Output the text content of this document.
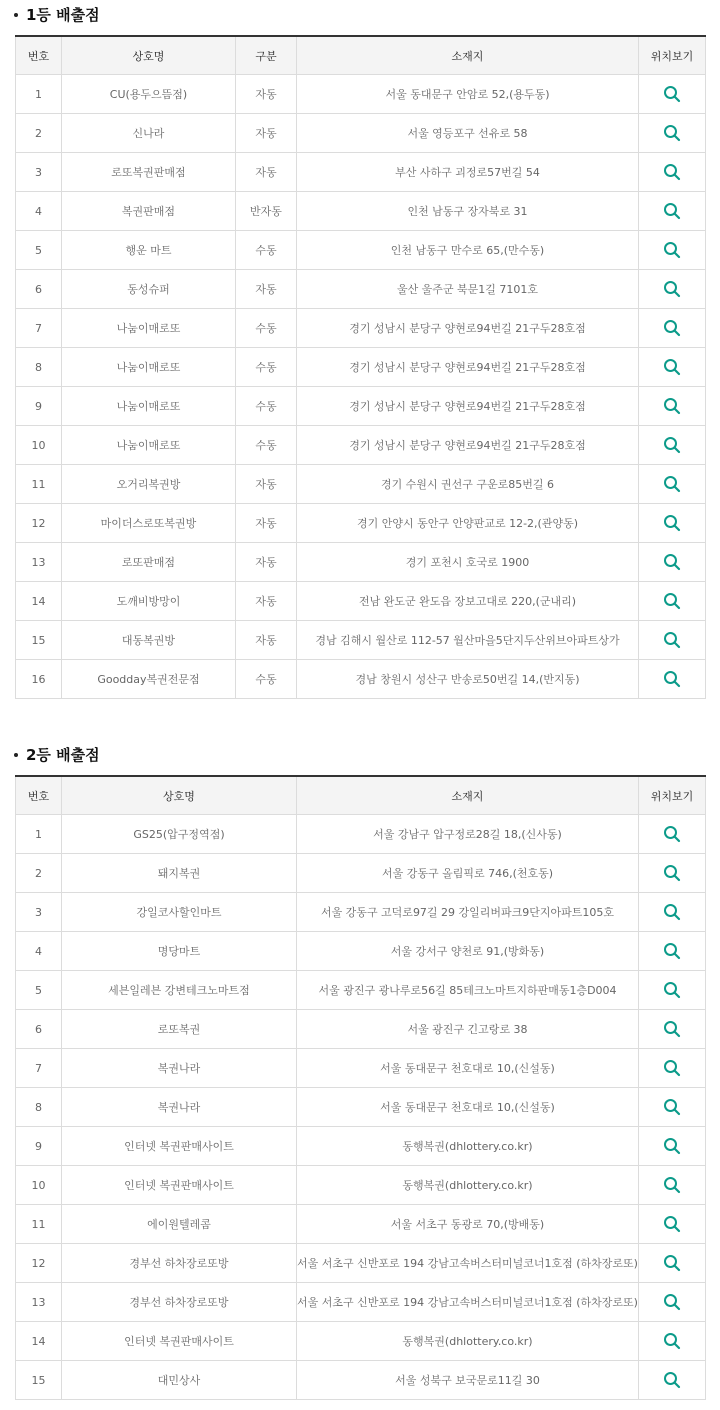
1등 배출점
번호	상호명	구분	소재지	위치보기
1	CU(용두으뜸점)	자동	서울 동대문구 안암로 52,(용두동)	

2	신나라	자동	서울 영등포구 선유로 58	

3	로또복권판매점	자동	부산 사하구 괴정로57번길 54	

4	복권판매점	반자동	인천 남동구 장자북로 31	

5	행운 마트	수동	인천 남동구 만수로 65,(만수동)	

6	동성슈퍼	자동	울산 울주군 북문1길 7101호	

7	나눔이매로또	수동	경기 성남시 분당구 양현로94번길 21구두28호점	

8	나눔이매로또	수동	경기 성남시 분당구 양현로94번길 21구두28호점	

9	나눔이매로또	수동	경기 성남시 분당구 양현로94번길 21구두28호점	

10	나눔이매로또	수동	경기 성남시 분당구 양현로94번길 21구두28호점	

11	오거리복권방	자동	경기 수원시 권선구 구운로85번길 6	

12	마이더스로또복권방	자동	경기 안양시 동안구 안양판교로 12-2,(관양동)	

13	로또판매점	자동	경기 포천시 호국로 1900	

14	도깨비방망이	자동	전남 완도군 완도읍 장보고대로 220,(군내리)	

15	대동복권방	자동	경남 김해시 월산로 112-57 월산마을5단지두산위브아파트상가	

16	Goodday복권전문점	수동	경남 창원시 성산구 반송로50번길 14,(반지동)	
2등 배출점
번호	상호명	소재지	위치보기
1	GS25(압구정역점)	서울 강남구 압구정로28길 18,(신사동)	

2	돼지복권	서울 강동구 올림픽로 746,(천호동)	

3	강일코사할인마트	서울 강동구 고덕로97길 29 강일리버파크9단지아파트105호	

4	명당마트	서울 강서구 양천로 91,(방화동)	

5	세븐일레븐 강변테크노마트점	서울 광진구 광나루로56길 85테크노마트지하판매동1층D004	

6	로또복권	서울 광진구 긴고랑로 38	

7	복권나라	서울 동대문구 천호대로 10,(신설동)	

8	복권나라	서울 동대문구 천호대로 10,(신설동)	

9	인터넷 복권판매사이트	동행복권(dhlottery.co.kr)	

10	인터넷 복권판매사이트	동행복권(dhlottery.co.kr)	

11	에이원텔레콤	서울 서초구 동광로 70,(방배동)	

12	경부선 하차장로또방	서울 서초구 신반포로 194 강남고속버스터미널코너1호점 (하차장로또)	

13	경부선 하차장로또방	서울 서초구 신반포로 194 강남고속버스터미널코너1호점 (하차장로또)	

14	인터넷 복권판매사이트	동행복권(dhlottery.co.kr)	

15	대민상사	서울 성북구 보국문로11길 30	
